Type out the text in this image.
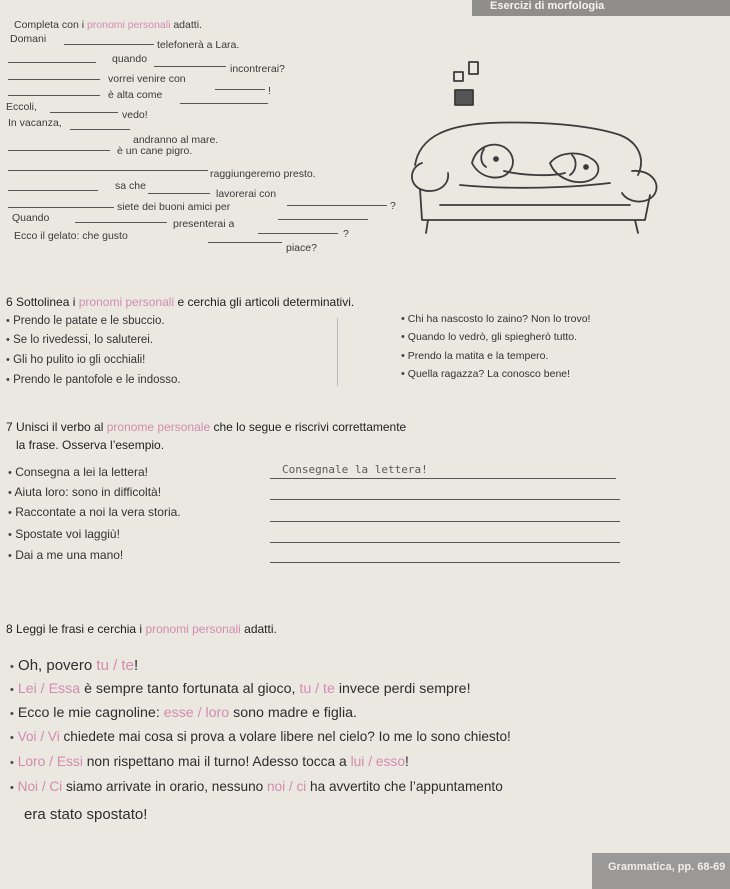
Esercizi di morfologia
Completa con i pronomi personali adatti.
Domani	telefonerà a Lara.
quando
incontrerai?
vorrei venire con
!
è alta come
Eccoli,
vedo!
In vacanza,
andranno al mare.
è un cane pigro.
raggiungeremo presto.
sa che
lavorerai con
?
siete dei buoni amici per
Quando	presenterai a
?
Ecco il gelato: che gusto
piace?
6 Sottolinea i pronomi personali e cerchia gli articoli determinativi.
• Prendo le patate e le sbuccio.
• Se lo rivedessi, lo saluterei.
• Gli ho pulito io gli occhiali!
• Prendo le pantofole e le indosso.
• Chi ha nascosto lo zaino? Non lo trovo!
• Quando lo vedrò, gli spiegherò tutto.
• Prendo la matita e la tempero.
• Quella ragazza? La conosco bene!
7 Unisci il verbo al pronome personale che lo segue e riscrivi correttamente
la frase. Osserva l’esempio.
• Consegna a lei la lettera!	Consegnale la lettera!
• Aiuta loro: sono in difficoltà!
• Raccontate a noi la vera storia.
• Spostate voi laggiù!
• Dai a me una mano!
8 Leggi le frasi e cerchia i pronomi personali adatti.
• Oh, povero tu / te!
• Lei / Essa è sempre tanto fortunata al gioco, tu / te invece perdi sempre!
• Ecco le mie cagnoline: esse / loro sono madre e figlia.
• Voi / Vi chiedete mai cosa si prova a volare libere nel cielo? Io me lo sono chiesto!
• Loro / Essi non rispettano mai il turno! Adesso tocca a lui / esso!
• Noi / Ci siamo arrivate in orario, nessuno noi / ci ha avvertito che l’appuntamento
era stato spostato!
Grammatica, pp. 68-69
